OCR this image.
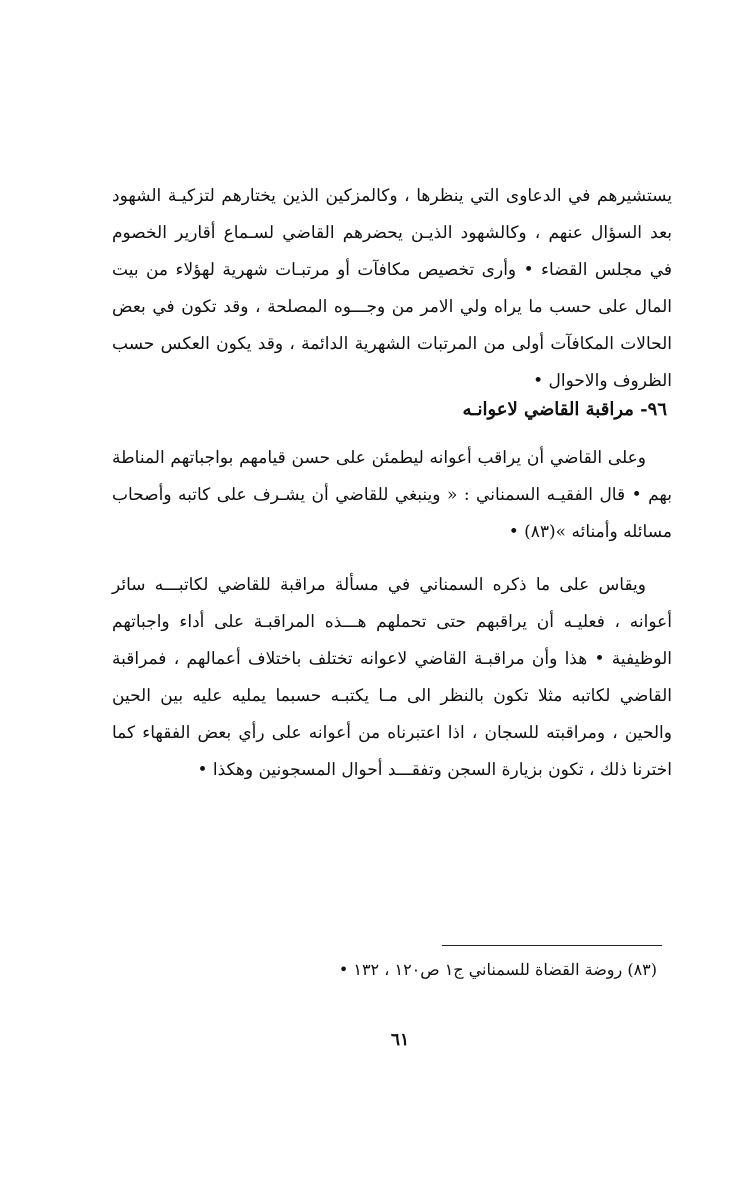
يستشيرهم في الدعاوى التي ينظرها ، وكالمزكين الذين يختارهم لتزكيـة الشهود بعد السؤال عنهم ، وكالشهود الذيـن يحضرهم القاضي لسـماع أقارير الخصوم في مجلس القضاء • وأرى تخصيص مكافآت أو مرتبـات شهرية لهؤلاء من بيت المال على حسب ما يراه ولي الامر من وجـــوه المصلحة ، وقد تكون في بعض الحالات المكافآت أولى من المرتبات الشهرية الدائمة ، وقد يكون العكس حسب الظروف والاحوال •

٩٦- مراقبة القاضي لاعوانـه

وعلى القاضي أن يراقب أعوانه ليطمئن على حسن قيامهم بواجباتهم المناطة بهم • قال الفقيـه السمناني : « وينبغي للقاضي أن يشـرف على كاتبه وأصحاب مسائله وأمنائه »(٨٣) •

ويقاس على ما ذكره السمناني في مسألة مراقبة للقاضي لكاتبـــه سائر أعوانه ، فعليـه أن يراقبهم حتى تحملهم هـــذه المراقبـة على أداء واجباتهم الوظيفية • هذا وأن مراقبـة القاضي لاعوانه تختلف باختلاف أعمالهم ، فمراقبة القاضي لكاتبه مثلا تكون بالنظر الى مـا يكتبـه حسبما يمليه عليه بين الحين والحين ، ومراقبته للسجان ، اذا اعتبرناه من أعوانه على رأي بعض الفقهاء كما اخترنا ذلك ، تكون بزيارة السجن وتفقـــد أحوال المسجونين وهكذا •

(٨٣) روضة القضاة للسمناني ج١ ص١٢٠ ، ١٣٢ •
٦١
